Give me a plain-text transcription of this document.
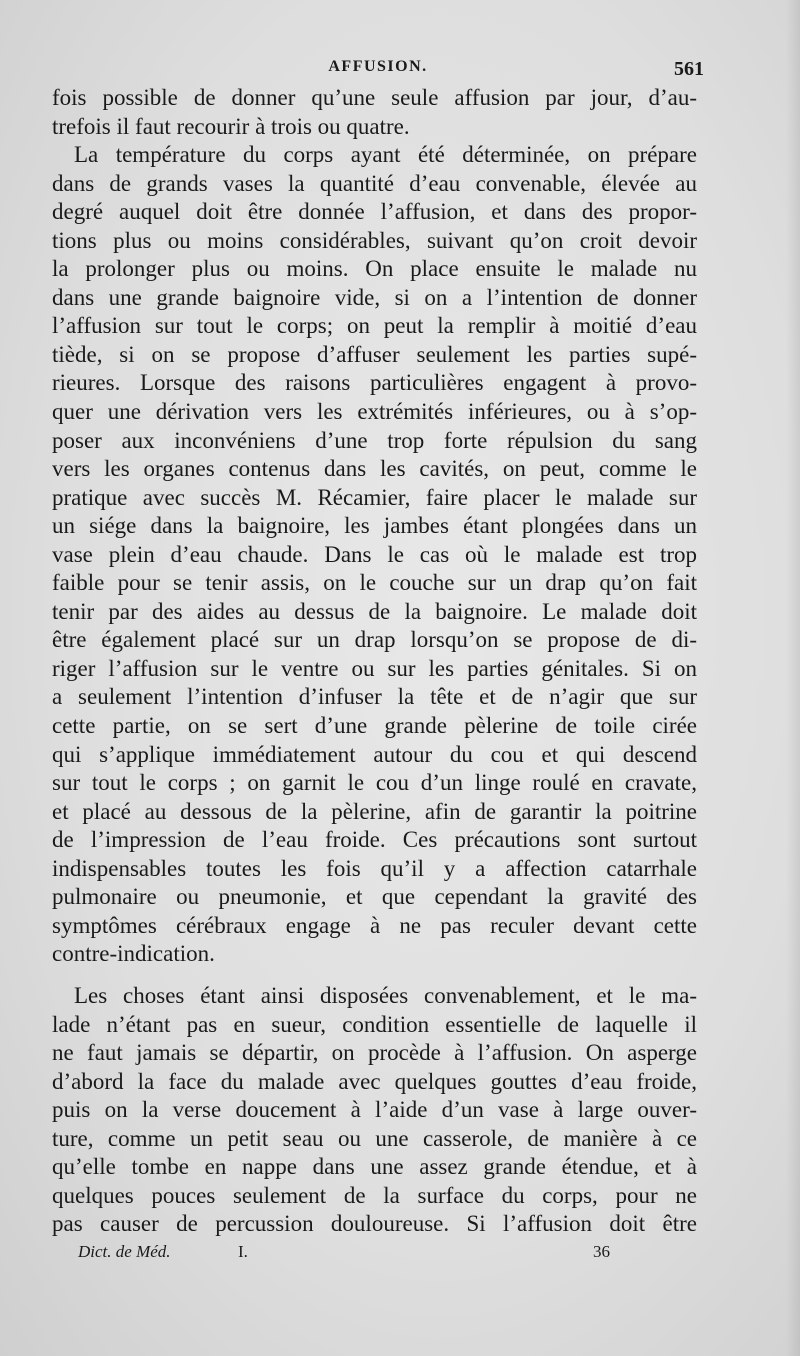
AFFUSION.	561

fois possible de donner qu’une seule affusion par jour, d’au-
trefois il faut recourir à trois ou quatre.

La température du corps ayant été déterminée, on prépare
dans de grands vases la quantité d’eau convenable, élevée au
degré auquel doit être donnée l’affusion, et dans des propor-
tions plus ou moins considérables, suivant qu’on croit devoir
la prolonger plus ou moins. On place ensuite le malade nu
dans une grande baignoire vide, si on a l’intention de donner
l’affusion sur tout le corps; on peut la remplir à moitié d’eau
tiède, si on se propose d’affuser seulement les parties supé-
rieures. Lorsque des raisons particulières engagent à provo-
quer une dérivation vers les extrémités inférieures, ou à s’op-
poser aux inconvéniens d’une trop forte répulsion du sang
vers les organes contenus dans les cavités, on peut, comme le
pratique avec succès M. Récamier, faire placer le malade sur
un siége dans la baignoire, les jambes étant plongées dans un
vase plein d’eau chaude. Dans le cas où le malade est trop
faible pour se tenir assis, on le couche sur un drap qu’on fait
tenir par des aides au dessus de la baignoire. Le malade doit
être également placé sur un drap lorsqu’on se propose de di-
riger l’affusion sur le ventre ou sur les parties génitales. Si on
a seulement l’intention d’infuser la tête et de n’agir que sur
cette partie, on se sert d’une grande pèlerine de toile cirée
qui s’applique immédiatement autour du cou et qui descend
sur tout le corps ; on garnit le cou d’un linge roulé en cravate,
et placé au dessous de la pèlerine, afin de garantir la poitrine
de l’impression de l’eau froide. Ces précautions sont surtout
indispensables toutes les fois qu’il y a affection catarrhale
pulmonaire ou pneumonie, et que cependant la gravité des
symptômes cérébraux engage à ne pas reculer devant cette
contre-indication.

Les choses étant ainsi disposées convenablement, et le ma-
lade n’étant pas en sueur, condition essentielle de laquelle il
ne faut jamais se départir, on procède à l’affusion. On asperge
d’abord la face du malade avec quelques gouttes d’eau froide,
puis on la verse doucement à l’aide d’un vase à large ouver-
ture, comme un petit seau ou une casserole, de manière à ce
qu’elle tombe en nappe dans une assez grande étendue, et à
quelques pouces seulement de la surface du corps, pour ne
pas causer de percussion douloureuse. Si l’affusion doit être

Dict. de Méd.	I.	36
